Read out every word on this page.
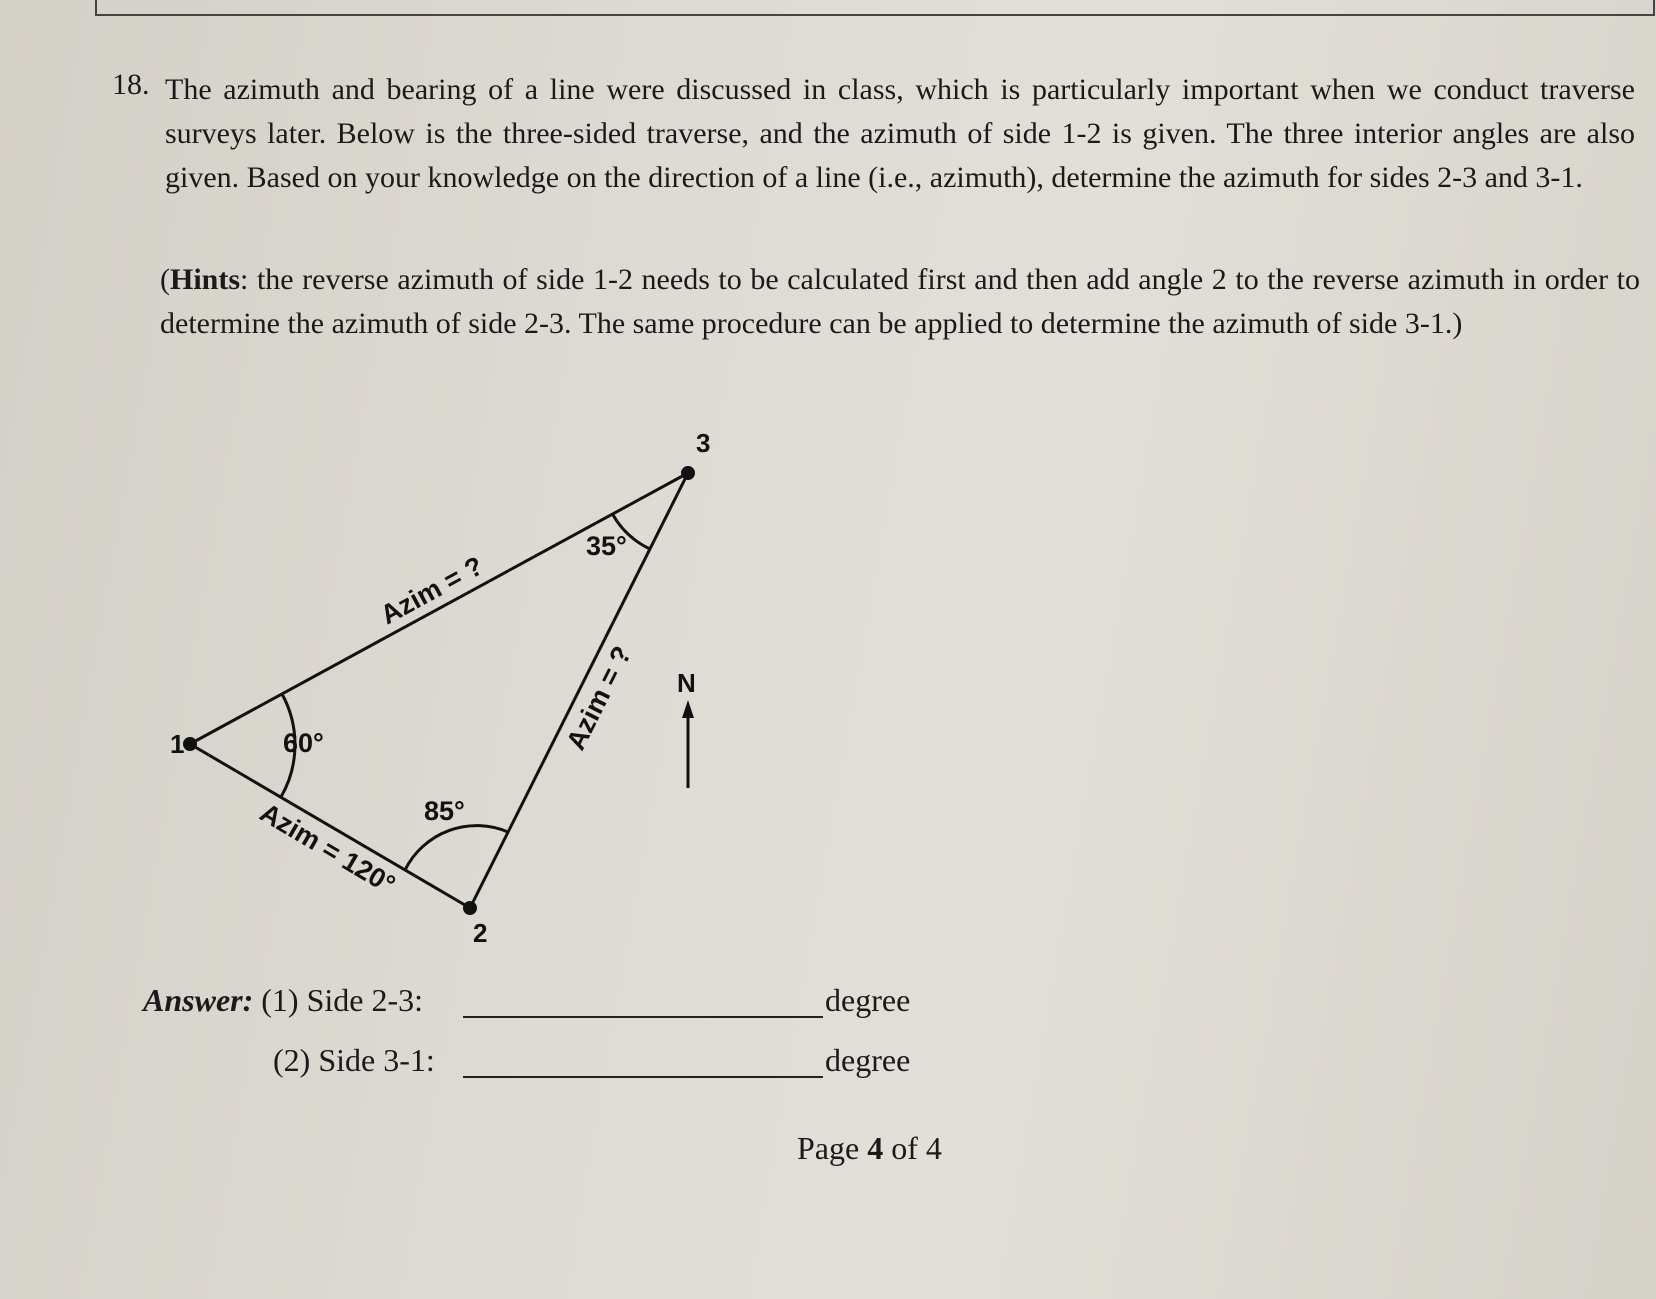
18. The azimuth and bearing of a line were discussed in class, which is particularly important when we conduct traverse surveys later. Below is the three-sided traverse, and the azimuth of side 1-2 is given. The three interior angles are also given. Based on your knowledge on the direction of a line (i.e., azimuth), determine the azimuth for sides 2-3 and 3-1.
(Hints: the reverse azimuth of side 1-2 needs to be calculated first and then add angle 2 to the reverse azimuth in order to determine the azimuth of side 2-3. The same procedure can be applied to determine the azimuth of side 3-1.)
1
2
3
60°
85°
35°
Azim = ?
Azim = ?
Azim = 120°
N
Answer: (1) Side 2-3:	degree
(2) Side 3-1:	degree
Page 4 of 4
